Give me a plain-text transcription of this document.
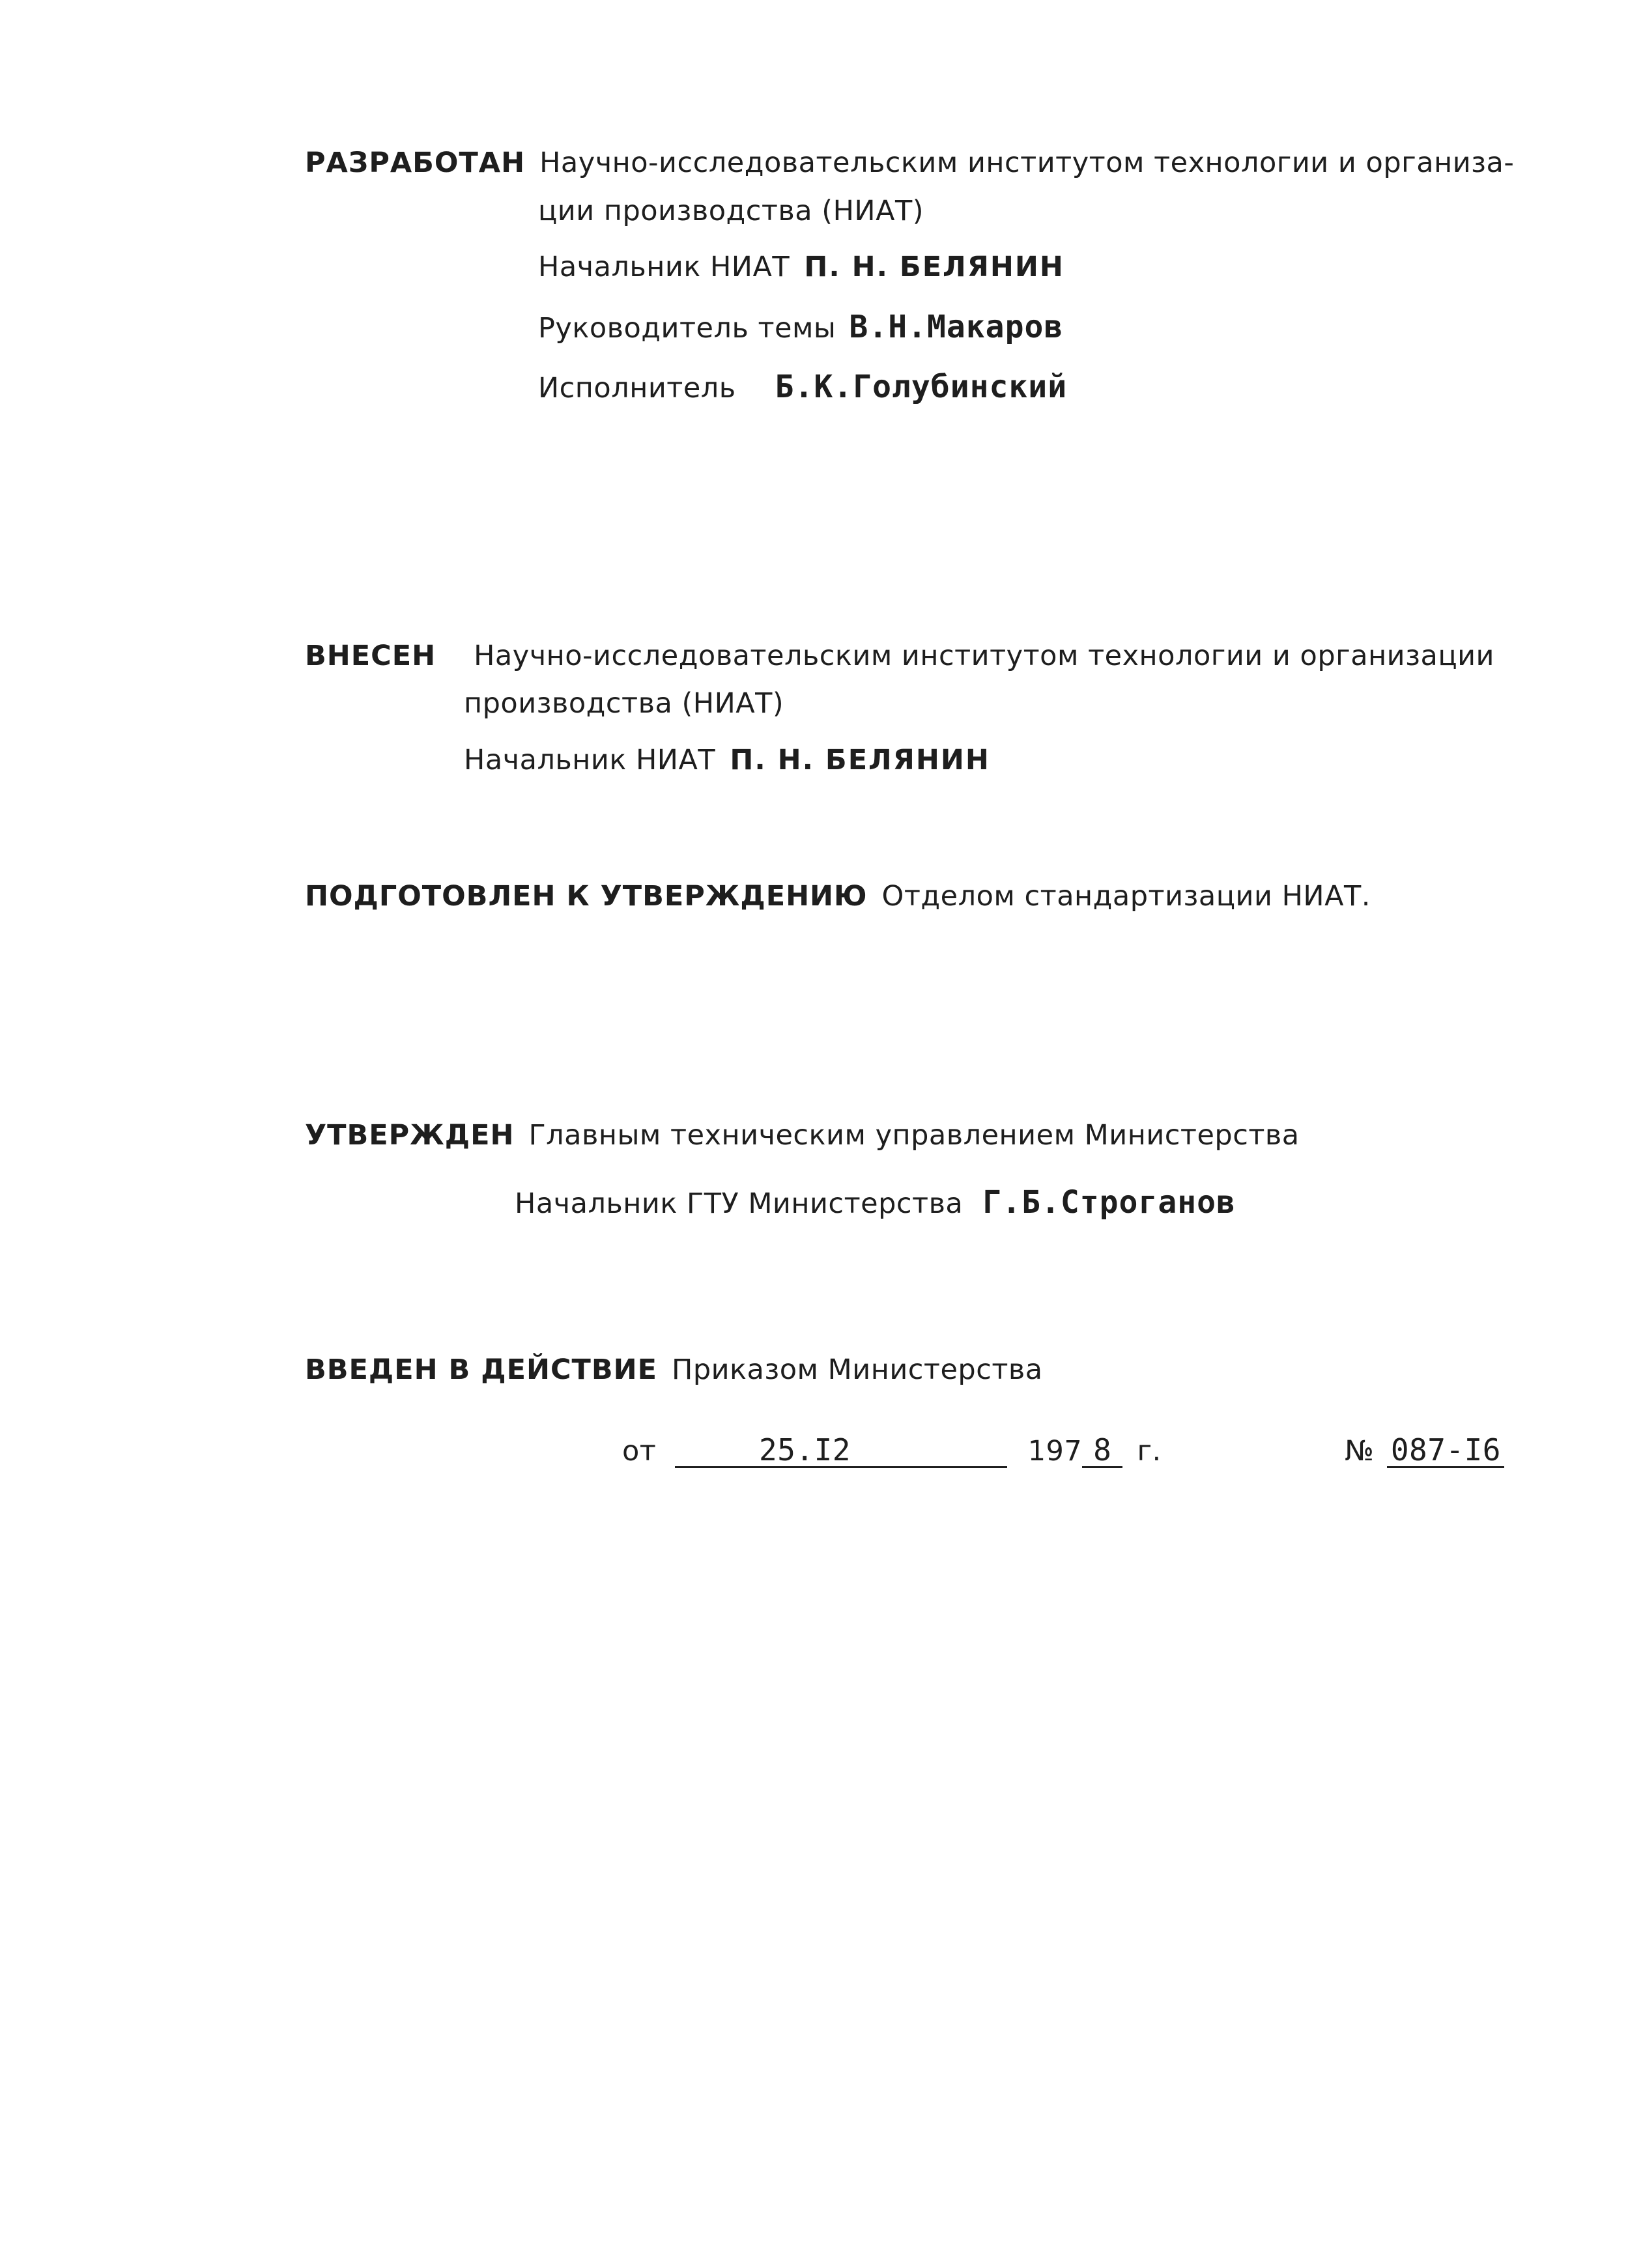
РАЗРАБОТАН Научно-исследовательским институтом технологии и организа-
ции производства (НИАТ)
Начальник НИАТ П. Н. БЕЛЯНИН
Руководитель темы В.Н.Макаров
Исполнитель Б.К.Голубинский
ВНЕСЕН Научно-исследовательским институтом технологии и организации
производства (НИАТ)
Начальник НИАТ П. Н. БЕЛЯНИН
ПОДГОТОВЛЕН К УТВЕРЖДЕНИЮ Отделом стандартизации НИАТ.
УТВЕРЖДЕН Главным техническим управлением Министерства
Начальник ГТУ Министерства Г.Б.Строганов
ВВЕДЕН В ДЕЙСТВИЕ Приказом Министерства
от	25.I2	197 8 г.	№ 087-I6
